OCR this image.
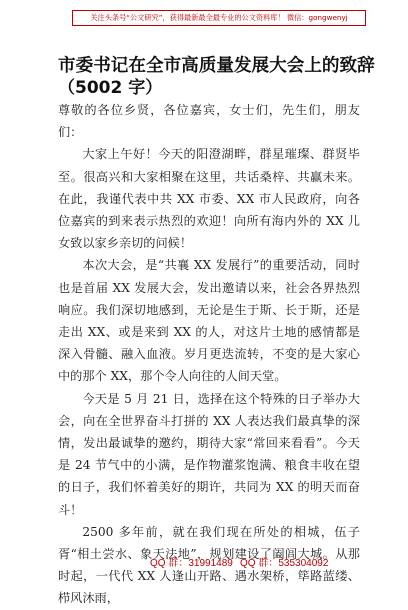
关注头条号“公文研究”，获得最新最全最专业的公文资料库！ 微信：gongwenyj
市委书记在全市高质量发展大会上的致辞
（5002 字）

尊敬的各位乡贤，各位嘉宾，女士们，先生们，朋友们：

大家上午好！今天的阳澄湖畔，群星璀璨、群贤毕至。很高兴和大家相聚在这里，共话桑梓、共赢未来。在此，我谨代表中共 XX 市委、XX 市人民政府，向各位嘉宾的到来表示热烈的欢迎！向所有海内外的 XX 儿女致以家乡亲切的问候！

本次大会，是“共襄 XX 发展行”的重要活动，同时也是首届 XX 发展大会，发出邀请以来，社会各界热烈响应。我们深切地感到，无论是生于斯、长于斯，还是走出 XX、或是来到 XX 的人，对这片土地的感情都是深入骨髓、融入血液。岁月更迭流转，不变的是大家心中的那个 XX，那个令人向往的人间天堂。

今天是 5 月 21 日，选择在这个特殊的日子举办大会，向在全世界奋斗打拼的 XX 人表达我们最真挚的深情，发出最诚挚的邀约，期待大家“常回来看看”。今天是 24 节气中的小满，是作物灌浆饱满、粮食丰收在望的日子，我们怀着美好的期许，共同为 XX 的明天而奋斗！

2500 多年前，就在我们现在所处的相城，伍子胥“相土尝水、象天法地”，规划建设了阖闾大城。从那时起，一代代 XX 人逢山开路、遇水架桥，筚路蓝缕、栉风沐雨，

QQ 群：31991489 QQ 群：535304092
